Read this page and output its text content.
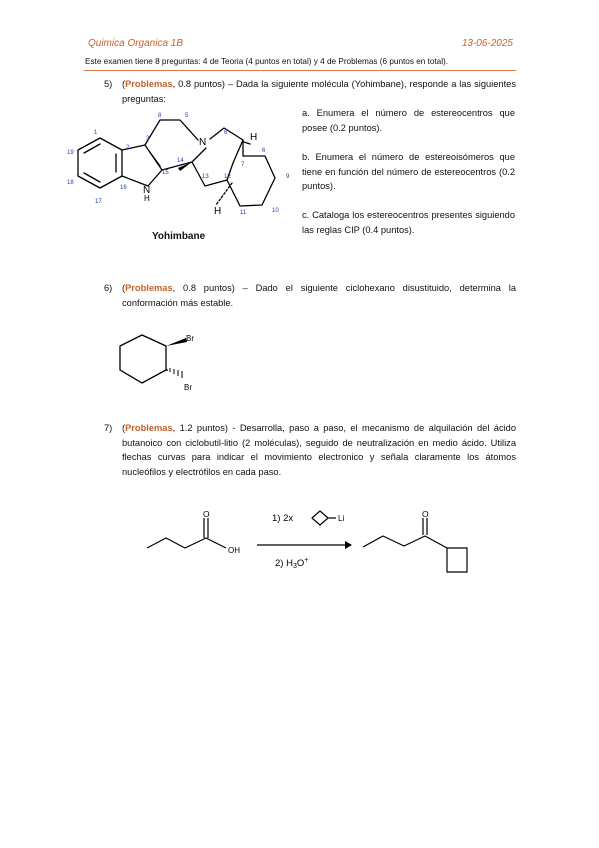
Quimica Organica 1B	13-06-2025
Este examen tiene 8 preguntas: 4 de Teoria (4 puntos en total) y 4 de Problemas (6 puntos en total).
5) (Problemas, 0.8 puntos) – Dada la siguiente molécula (Yohimbane), responde a las siguientes preguntas:
a. Enumera el número de estereocentros que posee (0.2 puntos).
b. Enumera el número de estereoisómeros que tiene en función del número de estereocentros (0.2 puntos).
c. Cataloga los estereocentros presentes siguiendo las reglas CIP (0.4 puntos).
N
N
H
H
H
1
2
3
8	5
6
6
7
9
10
11
12
13
14
15
16
17
18
19
Yohimbane
6) (Problemas, 0.8 puntos) – Dado el siguiente ciclohexano disustituido, determina la conformación más estable.
Br
Br
7) (Problemas, 1.2 puntos) - Desarrolla, paso a paso, el mecanismo de alquilación del ácido butanoico con ciclobutil-litio (2 moléculas), seguido de neutralización en medio ácido. Utiliza flechas curvas para indicar el movimiento electronico y señala claramente los átomos nucleófilos y electrófilos en cada paso.
O
OH
O
1) 2x	Li
2) $H_3O^+$
